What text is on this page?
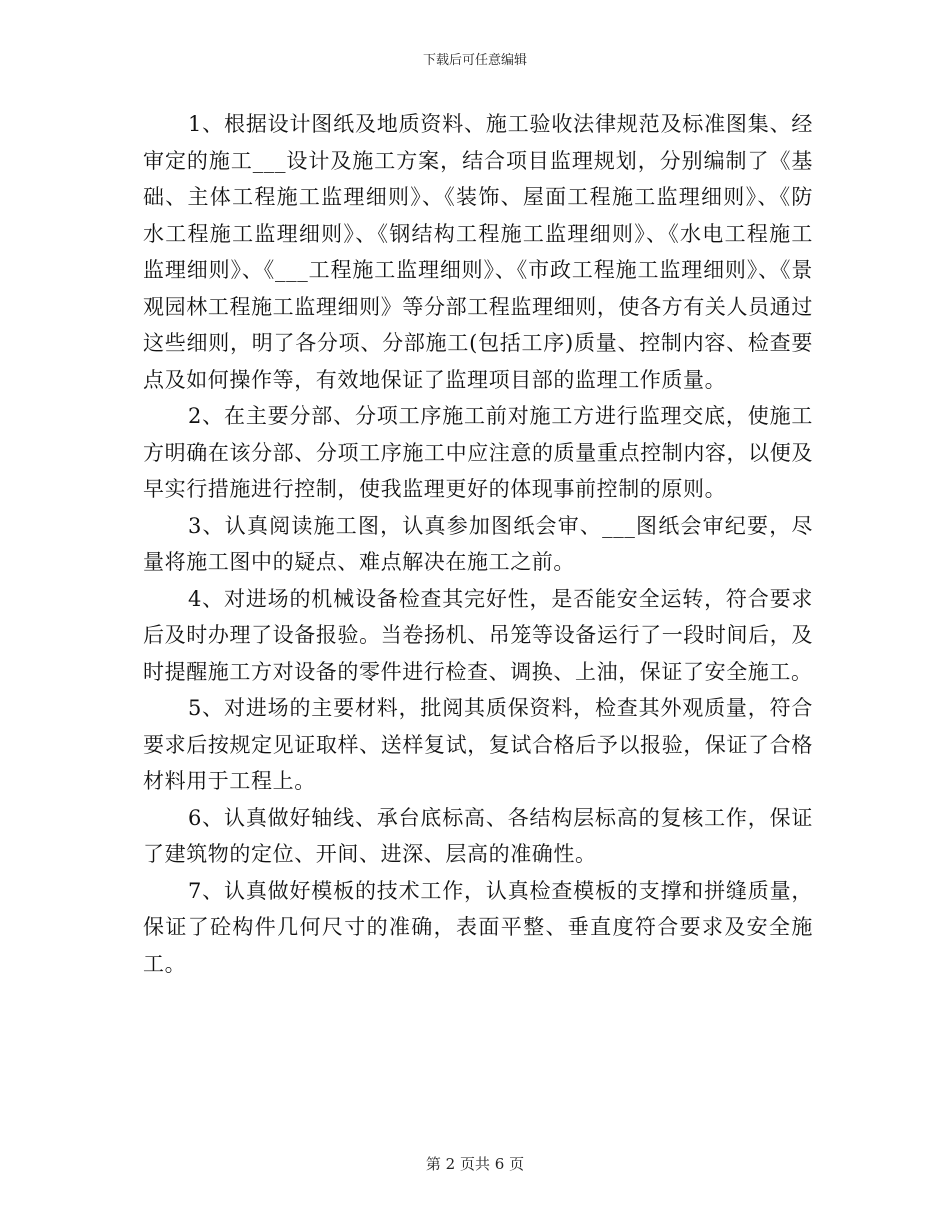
下载后可任意编辑

1、根据设计图纸及地质资料、施工验收法律规范及标准图集、经审定的施工___设计及施工方案，结合项目监理规划，分别编制了《基础、主体工程施工监理细则》、《装饰、屋面工程施工监理细则》、《防水工程施工监理细则》、《钢结构工程施工监理细则》、《水电工程施工监理细则》、《___工程施工监理细则》、《市政工程施工监理细则》、《景观园林工程施工监理细则》等分部工程监理细则，使各方有关人员通过这些细则，明了各分项、分部施工(包括工序)质量、控制内容、检查要点及如何操作等，有效地保证了监理项目部的监理工作质量。

2、在主要分部、分项工序施工前对施工方进行监理交底，使施工方明确在该分部、分项工序施工中应注意的质量重点控制内容，以便及早实行措施进行控制，使我监理更好的体现事前控制的原则。

3、认真阅读施工图，认真参加图纸会审、___图纸会审纪要，尽量将施工图中的疑点、难点解决在施工之前。

4、对进场的机械设备检查其完好性，是否能安全运转，符合要求后及时办理了设备报验。当卷扬机、吊笼等设备运行了一段时间后，及时提醒施工方对设备的零件进行检查、调换、上油，保证了安全施工。

5、对进场的主要材料，批阅其质保资料，检查其外观质量，符合要求后按规定见证取样、送样复试，复试合格后予以报验，保证了合格材料用于工程上。

6、认真做好轴线、承台底标高、各结构层标高的复核工作，保证了建筑物的定位、开间、进深、层高的准确性。

7、认真做好模板的技术工作，认真检查模板的支撑和拼缝质量，保证了砼构件几何尺寸的准确，表面平整、垂直度符合要求及安全施工。

第 2 页共 6 页
